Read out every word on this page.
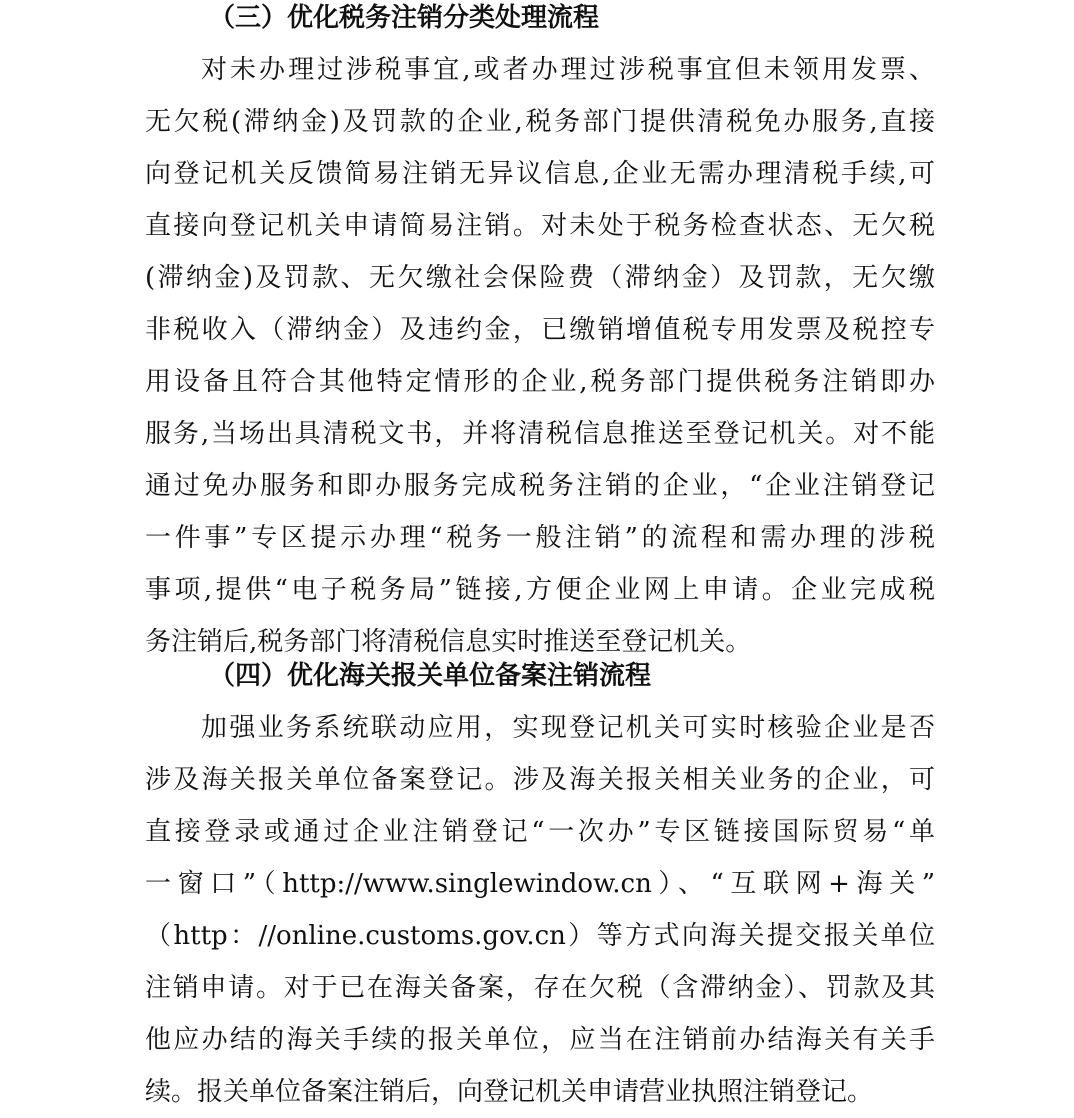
（三）优化税务注销分类处理流程
对未办理过涉税事宜,或者办理过涉税事宜但未领用发票、
无欠税(滞纳金)及罚款的企业,税务部门提供清税免办服务,直接
向登记机关反馈简易注销无异议信息,企业无需办理清税手续,可
直接向登记机关申请简易注销。对未处于税务检查状态、无欠税
(滞纳金)及罚款、无欠缴社会保险费（滞纳金）及罚款，无欠缴
非税收入（滞纳金）及违约金，已缴销增值税专用发票及税控专
用设备且符合其他特定情形的企业,税务部门提供税务注销即办
服务,当场出具清税文书，并将清税信息推送至登记机关。对不能
通过免办服务和即办服务完成税务注销的企业，“企业注销登记
一件事”专区提示办理“税务一般注销”的流程和需办理的涉税
事项,提供“电子税务局”链接,方便企业网上申请。企业完成税
务注销后,税务部门将清税信息实时推送至登记机关。
（四）优化海关报关单位备案注销流程
加强业务系统联动应用，实现登记机关可实时核验企业是否
涉及海关报关单位备案登记。涉及海关报关相关业务的企业，可
直接登录或通过企业注销登记“一次办”专区链接国际贸易“单
一窗口”（http://www.singlewindow.cn）、“互联网+海关”
（http：//online.customs.gov.cn）等方式向海关提交报关单位
注销申请。对于已在海关备案，存在欠税（含滞纳金）、罚款及其
他应办结的海关手续的报关单位，应当在注销前办结海关有关手
续。报关单位备案注销后，向登记机关申请营业执照注销登记。
